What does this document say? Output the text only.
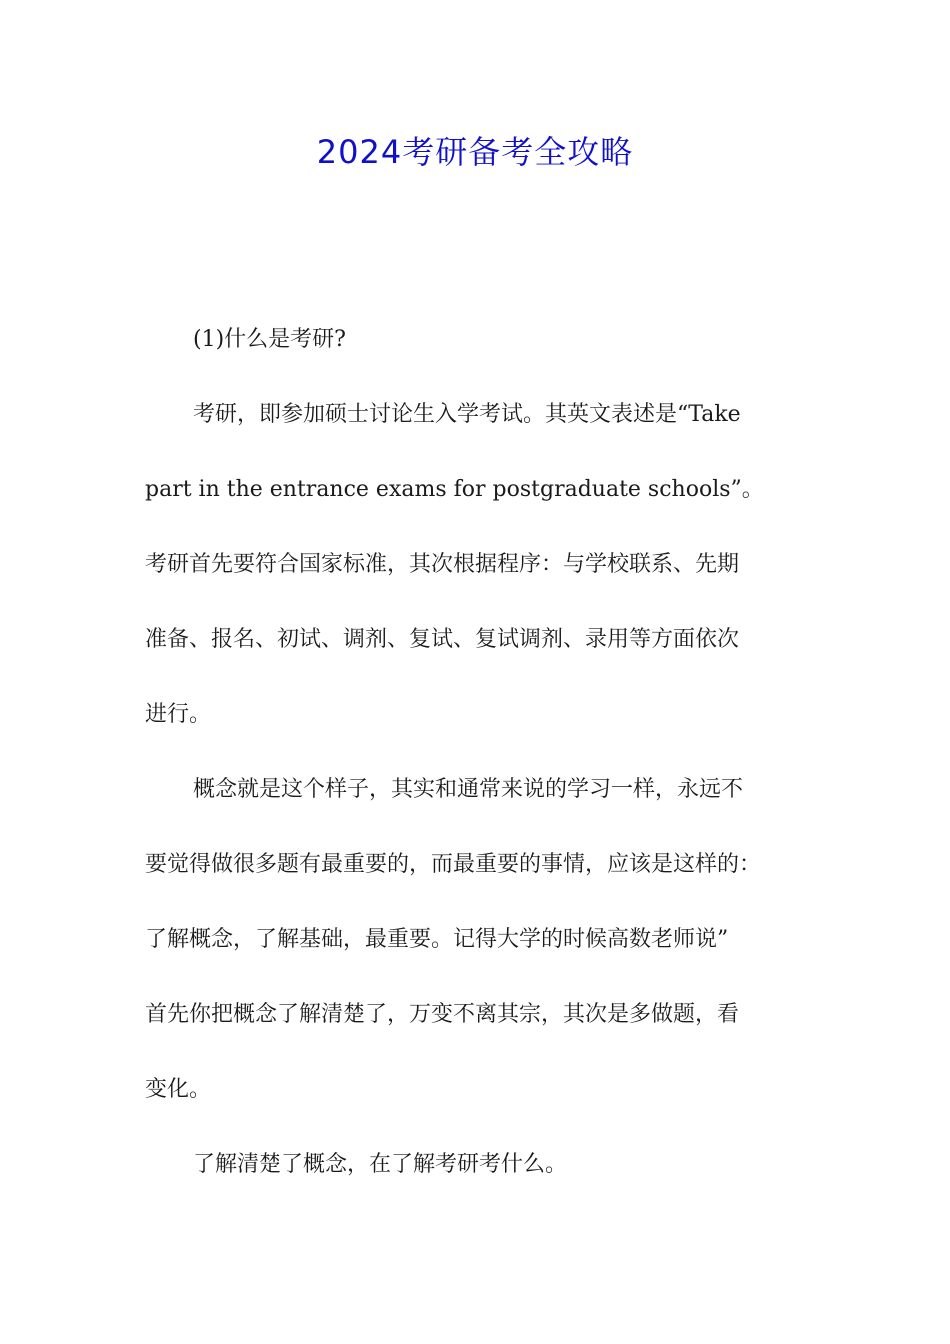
2024考研备考全攻略
(1)什么是考研?
考研，即参加硕士讨论生入学考试。其英文表述是“Take
part in the entrance exams for postgraduate schools”。
考研首先要符合国家标准，其次根据程序：与学校联系、先期
准备、报名、初试、调剂、复试、复试调剂、录用等方面依次
进行。
概念就是这个样子，其实和通常来说的学习一样，永远不
要觉得做很多题有最重要的，而最重要的事情，应该是这样的：
了解概念，了解基础，最重要。记得大学的时候高数老师说”
首先你把概念了解清楚了，万变不离其宗，其次是多做题，看
变化。
了解清楚了概念，在了解考研考什么。
